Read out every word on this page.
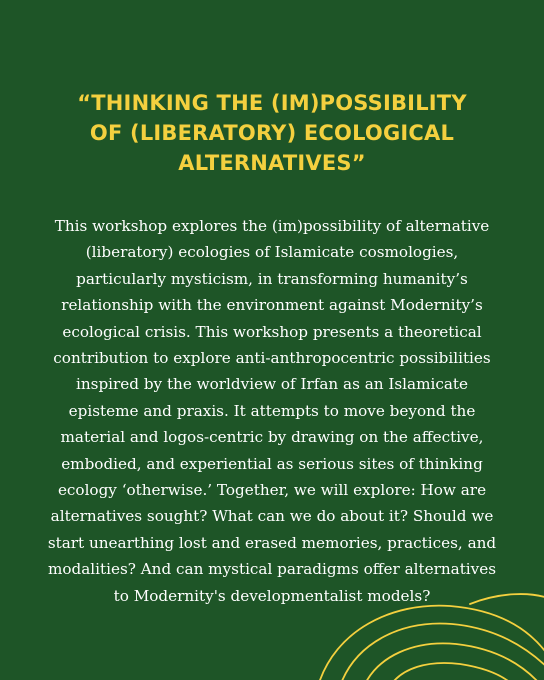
“THINKING THE (IM)POSSIBILITY
OF (LIBERATORY) ECOLOGICAL
ALTERNATIVES”

This workshop explores the (im)possibility of alternative
(liberatory) ecologies of Islamicate cosmologies,
particularly mysticism, in transforming humanity’s
relationship with the environment against Modernity’s
ecological crisis. This workshop presents a theoretical
contribution to explore anti-anthropocentric possibilities
inspired by the worldview of Irfan as an Islamicate
episteme and praxis. It attempts to move beyond the
material and logos-centric by drawing on the affective,
embodied, and experiential as serious sites of thinking
ecology ‘otherwise.’ Together, we will explore: How are
alternatives sought? What can we do about it? Should we
start unearthing lost and erased memories, practices, and
modalities? And can mystical paradigms offer alternatives
to Modernity's developmentalist models?
